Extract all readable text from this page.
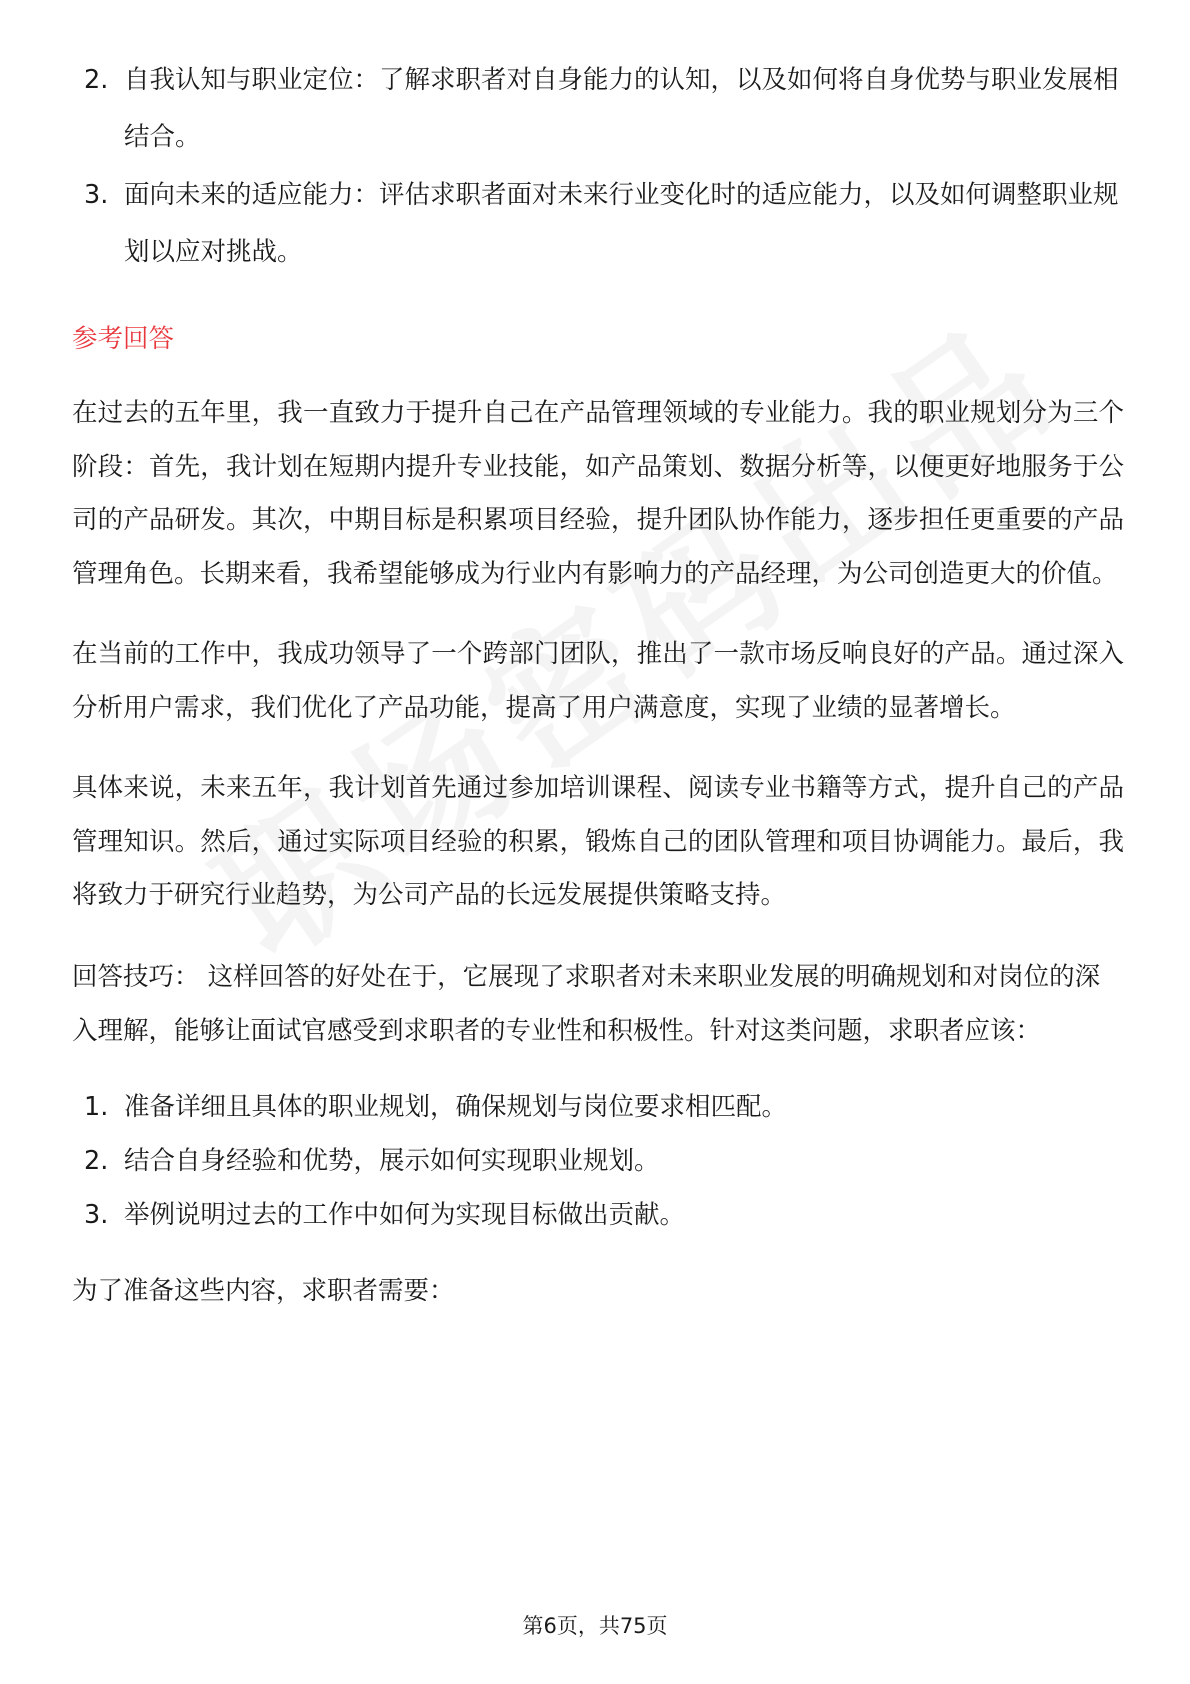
2. 自我认知与职业定位：了解求职者对自身能力的认知，以及如何将自身优势与职业发展相结合。
3. 面向未来的适应能力：评估求职者面对未来行业变化时的适应能力，以及如何调整职业规划以应对挑战。
参考回答

在过去的五年里，我一直致力于提升自己在产品管理领域的专业能力。我的职业规划分为三个阶段：首先，我计划在短期内提升专业技能，如产品策划、数据分析等，以便更好地服务于公司的产品研发。其次，中期目标是积累项目经验，提升团队协作能力，逐步担任更重要的产品管理角色。长期来看，我希望能够成为行业内有影响力的产品经理，为公司创造更大的价值。

在当前的工作中，我成功领导了一个跨部门团队，推出了一款市场反响良好的产品。通过深入分析用户需求，我们优化了产品功能，提高了用户满意度，实现了业绩的显著增长。

具体来说，未来五年，我计划首先通过参加培训课程、阅读专业书籍等方式，提升自己的产品管理知识。然后，通过实际项目经验的积累，锻炼自己的团队管理和项目协调能力。最后，我将致力于研究行业趋势，为公司产品的长远发展提供策略支持。

回答技巧： 这样回答的好处在于，它展现了求职者对未来职业发展的明确规划和对岗位的深入理解，能够让面试官感受到求职者的专业性和积极性。针对这类问题，求职者应该：

1. 准备详细且具体的职业规划，确保规划与岗位要求相匹配。
2. 结合自身经验和优势，展示如何实现职业规划。
3. 举例说明过去的工作中如何为实现目标做出贡献。

为了准备这些内容，求职者需要：

第6页，共75页
